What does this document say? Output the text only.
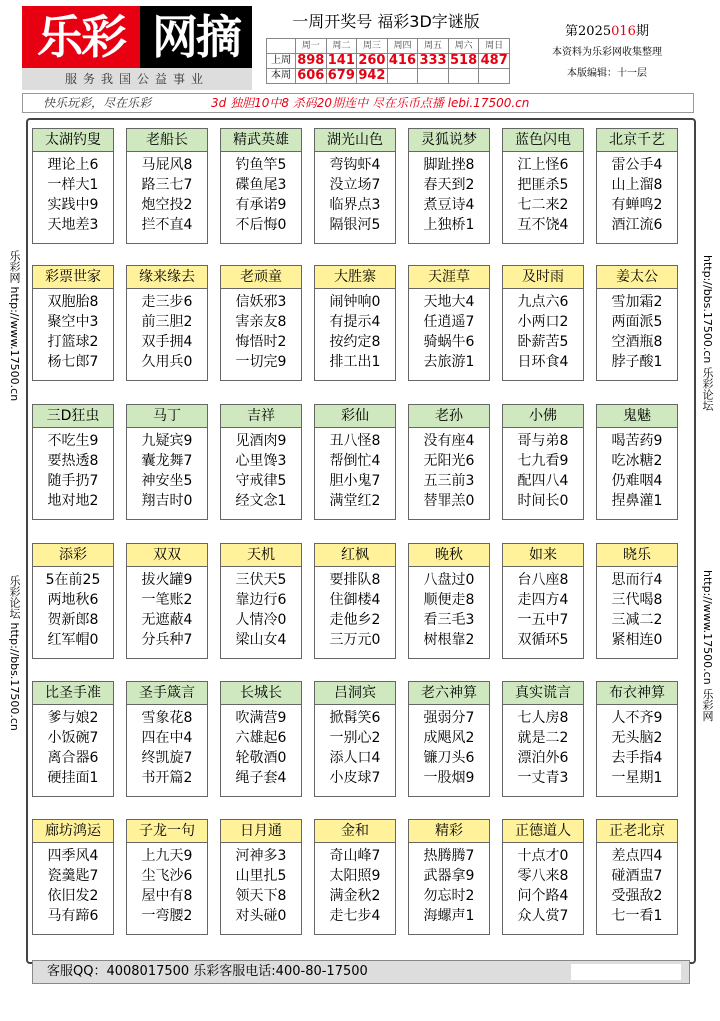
乐彩 网摘
服务我国公益事业
一周开奖号 福彩3D字谜版
	周一	周二	周三	周四	周五	周六	周日
上周	898	141	260	416	333	518	487
本周	606	679	942				
第2025016期
本资料为乐彩网收集整理
本版编辑：十一层
快乐玩彩，尽在乐彩	3d 独胆10中8 杀码20期连中 尽在乐币点播 lebi.17500.cn
乐彩网 http://www.17500.cn
乐彩论坛 http://bbs.17500.cn
http://bbs.17500.cn 乐彩论坛
http://www.17500.cn 乐彩网
太湖钓叟
理论上6
一样大1
实践中9
天地差3
老船长
马屁风8
路三七7
炮空投2
拦不直4
精武英雄
钓鱼竿5
碟鱼尾3
有承诺9
不后悔0
湖光山色
弯钩虾4
没立场7
临界点3
隔银河5
灵狐说梦
脚趾挫8
春天到2
煮豆诗4
上独桥1
蓝色闪电
江上怪6
把匪杀5
七二来2
互不饶4
北京千艺
雷公手4
山上溜8
有蝉鸣2
酒江流6
彩票世家
双胞胎8
聚空中3
打篮球2
杨七郎7
缘来缘去
走三步6
前三胆2
双手拥4
久用兵0
老顽童
信妖邪3
害亲友8
悔悟时2
一切完9
大胜寨
闹钟响0
有提示4
按约定8
排工出1
天涯草
天地大4
任逍遥7
骑蜗牛6
去旅游1
及时雨
九点六6
小两口2
卧薪苦5
日环食4
姜太公
雪加霜2
两面派5
空酒瓶8
脖子酸1
三D狂虫
不吃生9
要热透8
随手扔7
地对地2
马丁
九疑宾9
囊龙舞7
神安坐5
翔吉时0
吉祥
见酒肉9
心里馋3
守戒律5
经文念1
彩仙
丑八怪8
帮倒忙4
胆小鬼7
满堂红2
老孙
没有座4
无阳光6
五三前3
替罪羔0
小佛
哥与弟8
七九看9
配四八4
时间长0
鬼魅
喝苦药9
吃冰糖2
仍难咽4
捏鼻灌1
添彩
5在前25
两地秋6
贺新郎8
红军帽0
双双
拔火罐9
一笔账2
无遮蔽4
分兵种7
天机
三伏天5
靠边行6
人情冷0
梁山女4
红枫
要排队8
住御楼4
走他乡2
三万元0
晚秋
八盘过0
顺便走8
看三毛3
树根靠2
如来
台八座8
走四方4
一五中7
双循环5
晓乐
思而行4
三代喝8
三减二2
紧相连0
比圣手准
爹与娘2
小饭碗7
离合器6
硬挂面1
圣手箴言
雪象花8
四在中4
终凯旋7
书开篇2
长城长
吹满营9
六雄起6
轮敬酒0
绳子套4
吕洞宾
掀髯笑6
一别心2
添人口4
小皮球7
老六神算
强弱分7
成飓风2
镰刀头6
一股烟9
真实谎言
七人房8
就是二2
漂泊外6
一丈青3
布衣神算
人不齐9
无头脑2
去手指4
一星期1
廊坊鸿运
四季风4
瓷羹匙7
依旧发2
马有蹄6
子龙一句
上九天9
尘飞沙6
屋中有8
一弯腰2
日月通
河神多3
山里扎5
领天下8
对头碰0
金和
奇山峰7
太阳照9
满金秋2
走七步4
精彩
热腾腾7
武器拿9
勿忘时2
海螺声1
正德道人
十点才0
零八来8
问个路4
众人赏7
正老北京
差点四4
碰酒盅7
受强敌2
七一看1
客服QQ：4008017500 乐彩客服电话:400-80-17500
